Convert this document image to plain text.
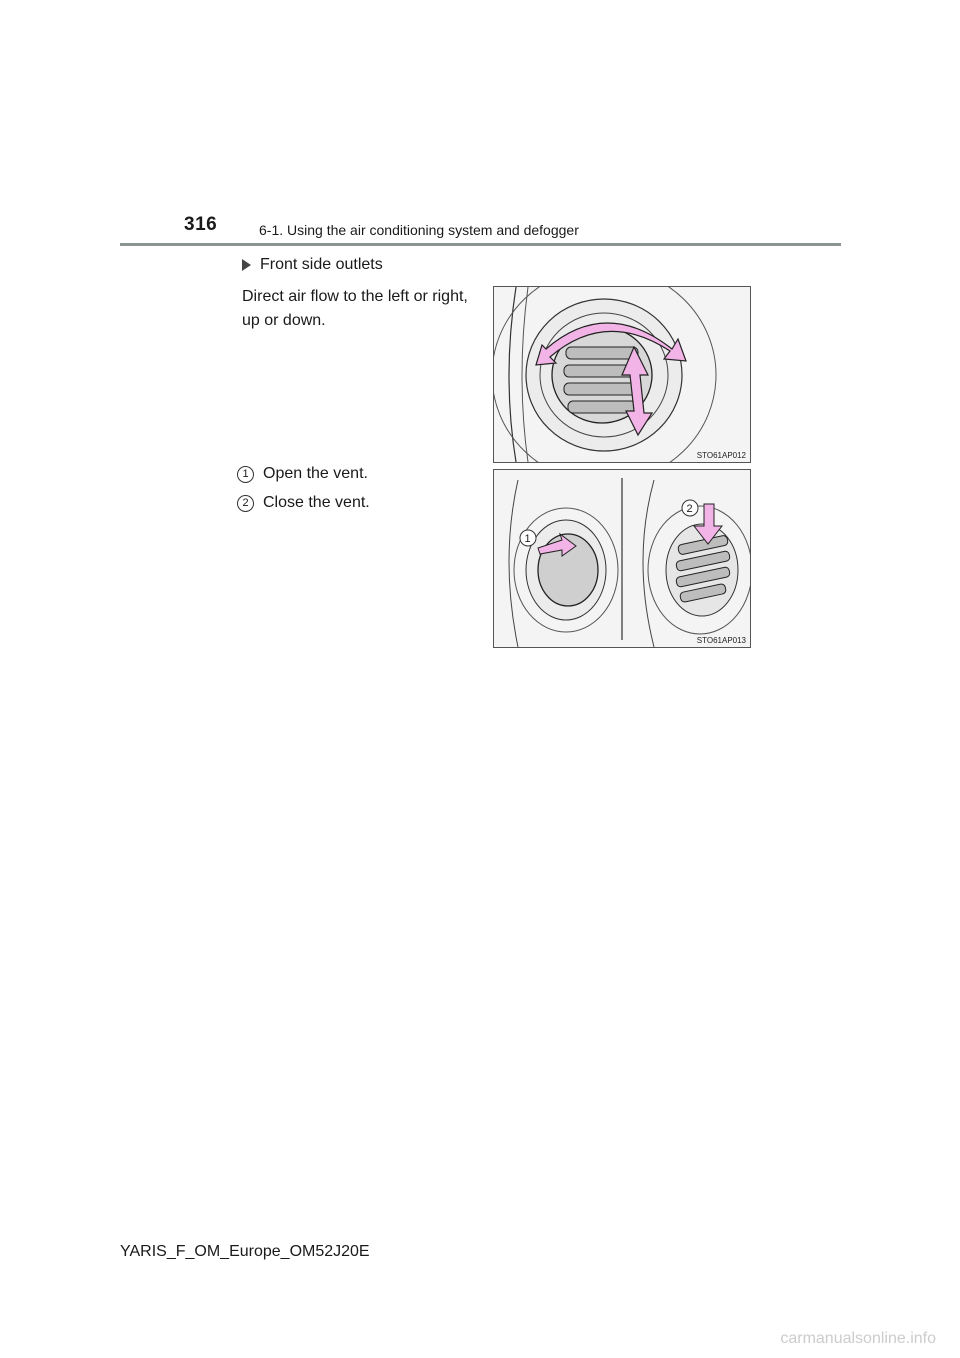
316	6-1. Using the air conditioning system and defogger
Front side outlets
Direct air flow to the left or right, up or down.
1 Open the vent.
2 Close the vent.
STO61AP012
1
2
STO61AP013
YARIS_F_OM_Europe_OM52J20E
carmanualsonline.info
